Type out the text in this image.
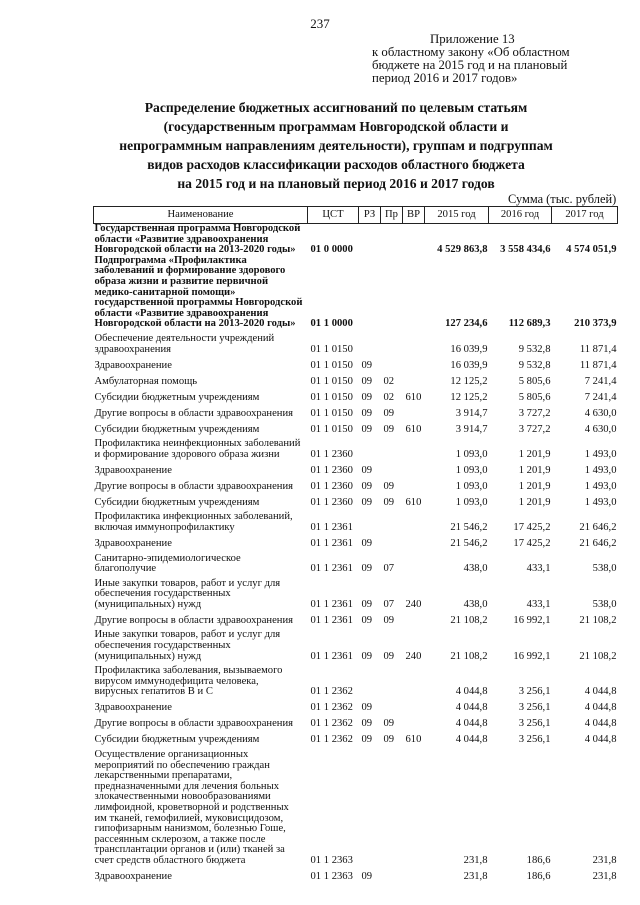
237
Приложение 13
к областному закону «Об областном
бюджете на 2015 год и на плановый
период 2016 и 2017 годов»
Распределение бюджетных ассигнований по целевым статьям
(государственным программам Новгородской области и
непрограммным направлениям деятельности), группам и подгруппам
видов расходов классификации расходов областного бюджета
на 2015 год и на плановый период 2016 и 2017 годов
Сумма (тыс. рублей)
Наименование	ЦСТ	РЗ	Пр	ВР	2015 год	2016 год	2017 год
Государственная программа Новгородской области «Развитие здравоохранения Новгородской области на 2013-2020 годы»	01 0 0000				4 529 863,8	3 558 434,6	4 574 051,9
Подпрограмма «Профилактика заболеваний и формирование здорового образа жизни и развитие первичной медико-санитарной помощи» государственной программы Новгородской области «Развитие здравоохранения Новгородской области на 2013-2020 годы»	01 1 0000				127 234,6	112 689,3	210 373,9
Обеспечение деятельности учреждений здравоохранения	01 1 0150				16 039,9	9 532,8	11 871,4
Здравоохранение	01 1 0150	09			16 039,9	9 532,8	11 871,4
Амбулаторная помощь	01 1 0150	09	02		12 125,2	5 805,6	7 241,4
Субсидии бюджетным учреждениям	01 1 0150	09	02	610	12 125,2	5 805,6	7 241,4
Другие вопросы в области здравоохранения	01 1 0150	09	09		3 914,7	3 727,2	4 630,0
Субсидии бюджетным учреждениям	01 1 0150	09	09	610	3 914,7	3 727,2	4 630,0
Профилактика неинфекционных заболеваний и формирование здорового образа жизни	01 1 2360				1 093,0	1 201,9	1 493,0
Здравоохранение	01 1 2360	09			1 093,0	1 201,9	1 493,0
Другие вопросы в области здравоохранения	01 1 2360	09	09		1 093,0	1 201,9	1 493,0
Субсидии бюджетным учреждениям	01 1 2360	09	09	610	1 093,0	1 201,9	1 493,0
Профилактика инфекционных заболеваний, включая иммунопрофилактику	01 1 2361				21 546,2	17 425,2	21 646,2
Здравоохранение	01 1 2361	09			21 546,2	17 425,2	21 646,2
Санитарно-эпидемиологическое благополучие	01 1 2361	09	07		438,0	433,1	538,0
Иные закупки товаров, работ и услуг для обеспечения государственных (муниципальных) нужд	01 1 2361	09	07	240	438,0	433,1	538,0
Другие вопросы в области здравоохранения	01 1 2361	09	09		21 108,2	16 992,1	21 108,2
Иные закупки товаров, работ и услуг для обеспечения государственных (муниципальных) нужд	01 1 2361	09	09	240	21 108,2	16 992,1	21 108,2
Профилактика заболевания, вызываемого вирусом иммунодефицита человека, вирусных гепатитов В и С	01 1 2362				4 044,8	3 256,1	4 044,8
Здравоохранение	01 1 2362	09			4 044,8	3 256,1	4 044,8
Другие вопросы в области здравоохранения	01 1 2362	09	09		4 044,8	3 256,1	4 044,8
Субсидии бюджетным учреждениям	01 1 2362	09	09	610	4 044,8	3 256,1	4 044,8
Осуществление организационных мероприятий по обеспечению граждан лекарственными препаратами, предназначенными для лечения больных злокачественными новообразованиями лимфоидной, кроветворной и родственных им тканей, гемофилией, муковисцидозом, гипофизарным нанизмом, болезнью Гоше, рассеянным склерозом, а также после трансплантации органов и (или) тканей за счет средств областного бюджета	01 1 2363				231,8	186,6	231,8
Здравоохранение	01 1 2363	09			231,8	186,6	231,8
